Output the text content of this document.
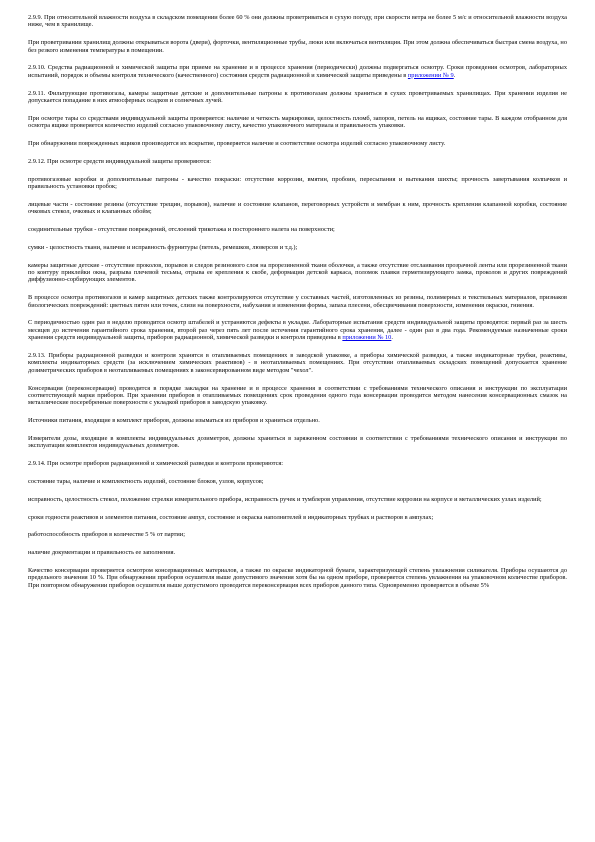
2.9.9. При относительной влажности воздуха в складском помещении более 60 % они должны проветриваться в сухую погоду, при скорости ветра не более 5 м/с и относительной влажности воздуха ниже, чем в хранилище.

При проветривании хранилищ должны открываться ворота (двери), форточки, вентиляционные трубы, люки или включаться вентиляция. При этом должна обеспечиваться быстрая смена воздуха, но без резкого изменения температуры в помещении.

2.9.10. Средства радиационной и химической защиты при приеме на хранение и в процессе хранения (периодически) должны подвергаться осмотру. Сроки проведения осмотров, лабораторных испытаний, порядок и объемы контроля технического (качественного) состояния средств радиационной и химической защиты приведены в приложении № 9.

2.9.11. Фильтрующие противогазы, камеры защитные детские и дополнительные патроны к противогазам должны храниться в сухих проветриваемых хранилищах. При хранении изделия не допускается попадание в них атмосферных осадков и солнечных лучей.

При осмотре тары со средствами индивидуальной защиты проверяется: наличие и четкость маркировки, целостность пломб, запоров, петель на ящиках, состояние тары. В каждом отобранном для осмотра ящике проверяется количество изделий согласно упаковочному листу, качество упаковочного материала и правильность упаковки.

При обнаружении поврежденных ящиков производится их вскрытие, проверяется наличие и соответствие осмотра изделий согласно упаковочному листу.

2.9.12. При осмотре средств индивидуальной защиты проверяются:

противогазовые коробки и дополнительные патроны - качество покраски: отсутствие коррозии, вмятин, пробоин, пересыпания и вытекания шихты; прочность завертывания колпачков и правильность установки пробок;

лицевые части - состояние резины (отсутствие трещин, порывов), наличие и состояние клапанов, переговорных устройств и мембран к ним, прочность крепления клапанной коробки, состояние очковых стекол, очковых и клапанных обойм;

соединительные трубки - отсутствие повреждений, отслоений трикотажа и постороннего налета на поверхности;

сумки - целостность ткани, наличие и исправность фурнитуры (петель, ремешков, люверсов и т.д.);

камеры защитные детские - отсутствие проколов, порывов и следов резинового слоя на прорезиненной ткани оболочки, а также отсутствие отслаивания прозрачной ленты или прорезиненной ткани по контуру приклейки окна, разрыва плечевой тесьмы, отрыва ее крепления к скобе, деформации детской каркаса, поломок плавки герметизирующего замка, проколов и других повреждений диффузионно-сорбирующих элементов.

В процессе осмотра противогазов и камер защитных детских также контролируются отсутствие у составных частей, изготовленных из резины, полимерных и текстильных материалов, признаков биологических повреждений: цветных пятен или точек, слизи на поверхности, набухания и изменения формы, запаха плесени, обесцвечивания поверхности, изменения окраски, гниения.

С периодичностью один раз в неделю проводится осмотр штабелей и устраняются дефекты в укладке. Лабораторные испытания средств индивидуальной защиты проводятся: первый раз за шесть месяцев до истечения гарантийного срока хранения, второй раз через пять лет после истечения гарантийного срока хранения, далее - один раз в два года. Рекомендуемые назначенные сроки хранения средств индивидуальной защиты, приборов радиационной, химической разведки и контроля приведены в приложении № 10.

2.9.13. Приборы радиационной разведки и контроля хранятся в отапливаемых помещениях в заводской упаковке, а приборы химической разведки, а также индикаторные трубки, реактивы, комплекты индикаторных средств (за исключением химических реактивов) - в неотапливаемых помещениях. При отсутствии отапливаемых складских помещений допускается хранение дозиметрических приборов в неотапливаемых помещениях в законсервированном виде методом "чехол".

Консервация (переконсервация) проводится в порядке закладки на хранение и в процессе хранения в соответствии с требованиями технического описания и инструкции по эксплуатации соответствующей марки приборов. При хранении приборов в отапливаемых помещениях срок проведения одного года консервации проводится методом нанесения консервационных смазок на металлические посеребренные поверхности с укладкой приборов в заводскую упаковку.

Источники питания, входящие в комплект приборов, должны изыматься из приборов и храниться отдельно.

Измерители дозы, входящие в комплекты индивидуальных дозиметров, должны храниться в заряженном состоянии в соответствии с требованиями технического описания и инструкции по эксплуатации комплектов индивидуальных дозиметров.

2.9.14. При осмотре приборов радиационной и химической разведки и контроля проверяются:

состояние тары, наличие и комплектность изделий, состояние блоков, узлов, корпусов;

исправность, целостность стекол, положение стрелки измерительного прибора, исправность ручек и тумблеров управления, отсутствие коррозии на корпусе и металлических узлах изделий;

сроки годности реактивов и элементов питания, состояние ампул, состояние и окраска наполнителей в индикаторных трубках и растворов в ампулах;

работоспособность приборов в количестве 5 % от партии;

наличие документации и правильность ее заполнения.

Качество консервации проверяется осмотром консервационных материалов, а также по окраске индикаторной бумаги, характеризующей степень увлажнения силикагеля. Приборы осушаются до предельного значения 10 %. При обнаружении приборов осушителя выше допустимого значения хотя бы на одном приборе, проверяется степень увлажнения на упаковочном количестве приборов. При повторном обнаружении приборов осушителя выше допустимого проводится переконсервация всех приборов данного типа. Одновременно проверяется в объеме 5%
